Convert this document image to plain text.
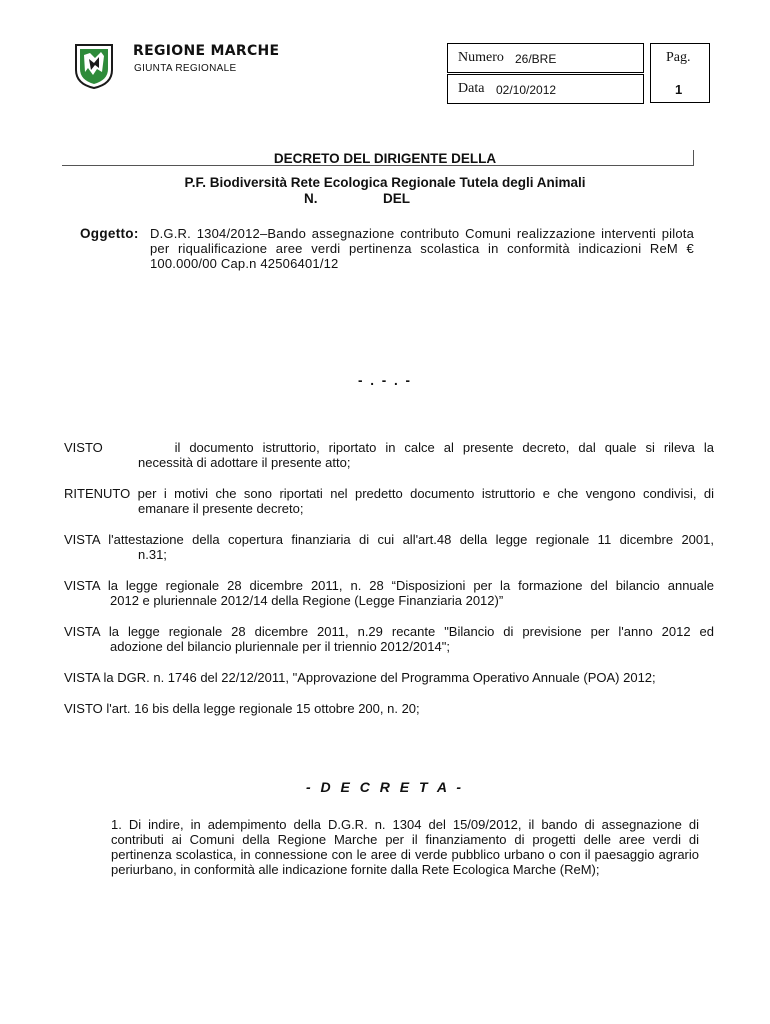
REGIONE MARCHE
GIUNTA REGIONALE
Numero 26/BRE
Data 02/10/2012
Pag.
1
DECRETO DEL DIRIGENTE DELLA
P.F. Biodiversità Rete Ecologica Regionale Tutela degli Animali
N.	DEL
Oggetto: D.G.R. 1304/2012–Bando assegnazione contributo Comuni realizzazione interventi pilota per riqualificazione aree verdi pertinenza scolastica in conformità indicazioni ReM € 100.000/00 Cap.n 42506401/12
- . - . -
VISTO        il documento istruttorio, riportato in calce al presente decreto, dal quale si rileva la
necessità di adottare il presente atto;
RITENUTO per i motivi che sono riportati nel predetto documento istruttorio e che vengono condivisi, di
emanare il presente decreto;
VISTA l'attestazione della copertura finanziaria di cui all'art.48 della legge regionale 11 dicembre 2001,
n.31;
VISTA la legge regionale 28 dicembre 2011, n. 28 “Disposizioni per la formazione del bilancio annuale
2012 e pluriennale 2012/14 della Regione (Legge Finanziaria 2012)”
VISTA la legge regionale 28 dicembre 2011, n.29 recante "Bilancio di previsione per l'anno 2012 ed
adozione del bilancio pluriennale per il triennio 2012/2014";
VISTA la DGR. n. 1746 del 22/12/2011, "Approvazione del Programma Operativo Annuale (POA) 2012;
VISTO l'art. 16 bis della legge regionale 15 ottobre 200, n. 20;
- D E C R E T A -
1. Di indire, in adempimento della D.G.R. n. 1304 del 15/09/2012, il bando di assegnazione di contributi ai Comuni della Regione Marche per il finanziamento di progetti delle aree verdi di pertinenza scolastica, in connessione con le aree di verde pubblico urbano o con il paesaggio agrario periurbano, in conformità alle indicazione fornite dalla Rete Ecologica Marche (ReM);
